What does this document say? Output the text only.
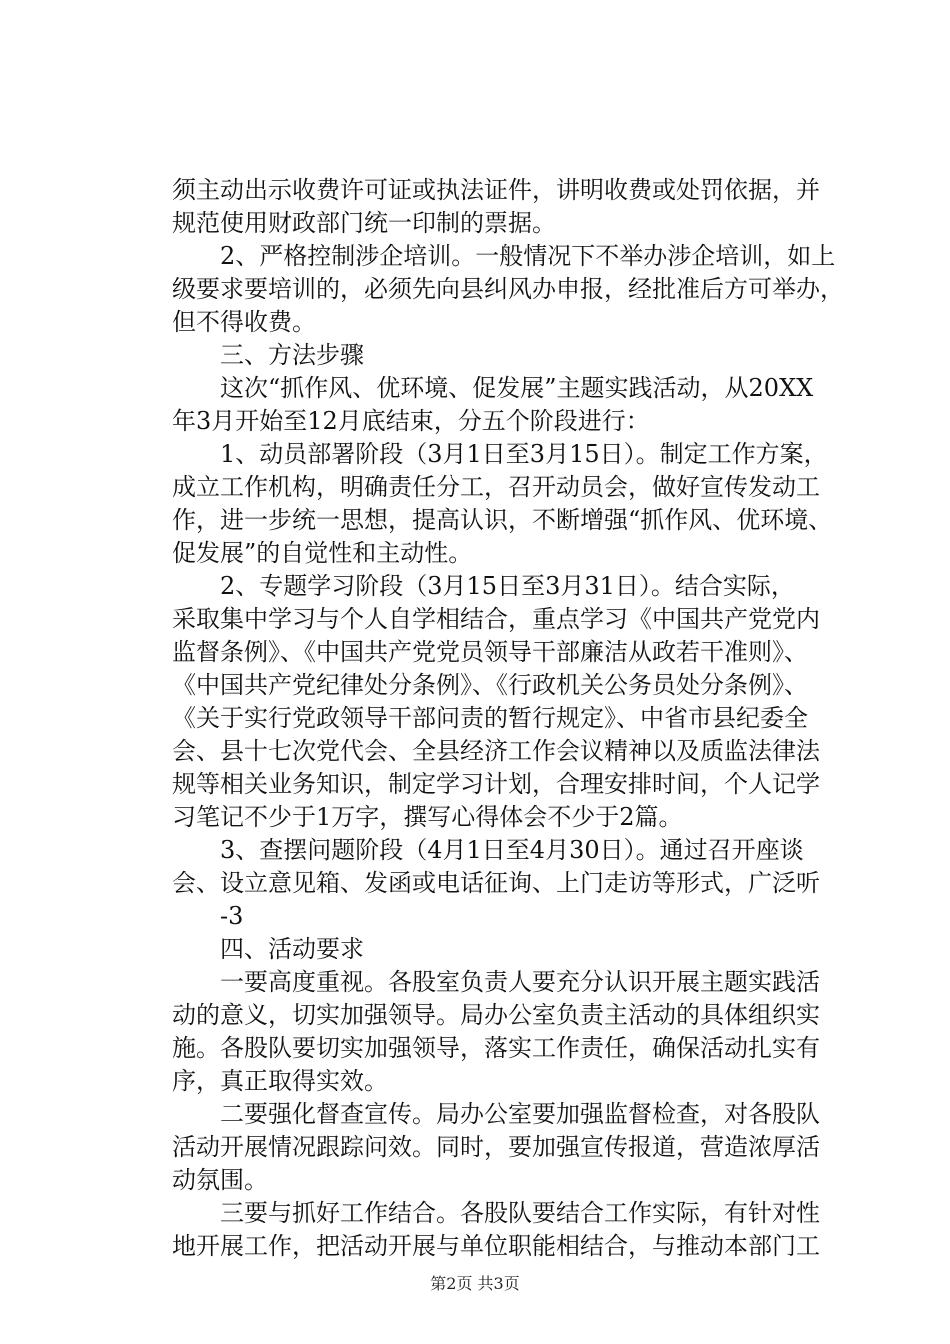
须主动出示收费许可证或执法证件，讲明收费或处罚依据，并
规范使用财政部门统一印制的票据。
　　2、严格控制涉企培训。一般情况下不举办涉企培训，如上
级要求要培训的，必须先向县纠风办申报，经批准后方可举办，
但不得收费。
　　三、方法步骤
　　这次“抓作风、优环境、促发展”主题实践活动，从20XX
年3月开始至12月底结束，分五个阶段进行：
　　1、动员部署阶段（3月1日至3月15日）。制定工作方案，
成立工作机构，明确责任分工，召开动员会，做好宣传发动工
作，进一步统一思想，提高认识，不断增强“抓作风、优环境、
促发展”的自觉性和主动性。
　　2、专题学习阶段（3月15日至3月31日）。结合实际，
采取集中学习与个人自学相结合，重点学习《中国共产党党内
监督条例》、《中国共产党党员领导干部廉洁从政若干准则》、
《中国共产党纪律处分条例》、《行政机关公务员处分条例》、
《关于实行党政领导干部问责的暂行规定》、中省市县纪委全
会、县十七次党代会、全县经济工作会议精神以及质监法律法
规等相关业务知识，制定学习计划，合理安排时间，个人记学
习笔记不少于1万字，撰写心得体会不少于2篇。
　　3、查摆问题阶段（4月1日至4月30日）。通过召开座谈
会、设立意见箱、发函或电话征询、上门走访等形式，广泛听
　　-3
　　四、活动要求
　　一要高度重视。各股室负责人要充分认识开展主题实践活
动的意义，切实加强领导。局办公室负责主活动的具体组织实
施。各股队要切实加强领导，落实工作责任，确保活动扎实有
序，真正取得实效。
　　二要强化督查宣传。局办公室要加强监督检查，对各股队
活动开展情况跟踪问效。同时，要加强宣传报道，营造浓厚活
动氛围。
　　三要与抓好工作结合。各股队要结合工作实际，有针对性
地开展工作，把活动开展与单位职能相结合，与推动本部门工
第2页 共3页
